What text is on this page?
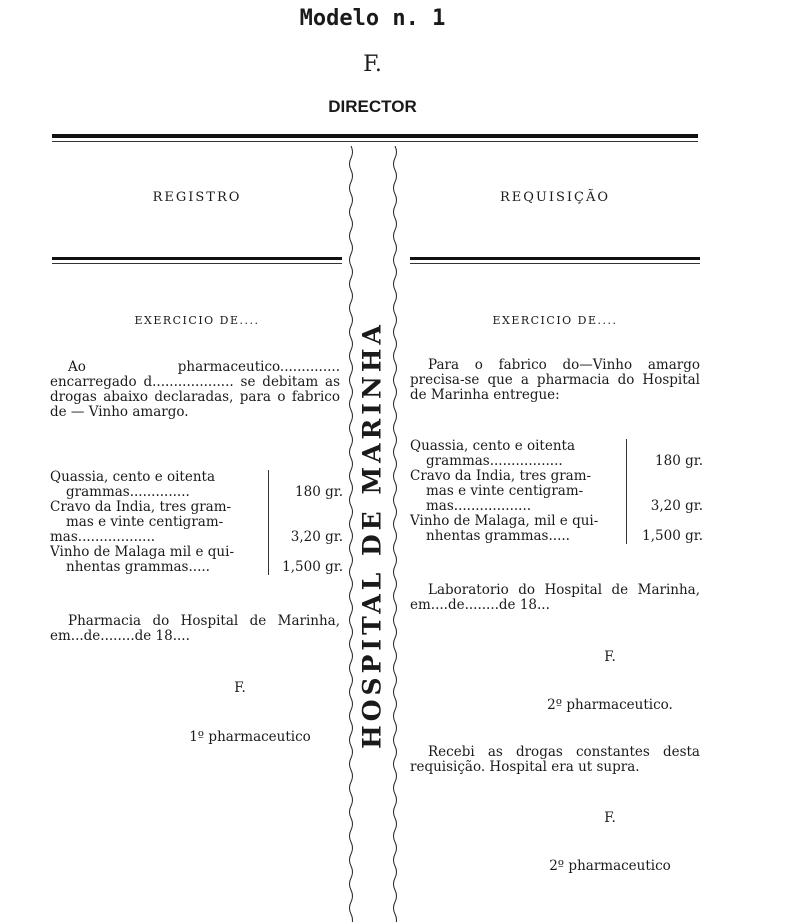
Modelo n. 1
F.
DIRECTOR
HOSPITAL DE MARINHA
REGISTRO
EXERCICIO DE....
Ao pharmaceutico.............. encarregado d................... se debitam as drogas abaixo declaradas, para o fabrico de — Vinho amargo.
Quassia, cento e oitenta
grammas..............	180 gr.
Cravo da India, tres gram-
mas e vinte centigram-
mas..................	3,20 gr.
Vinho de Malaga mil e qui-
nhentas grammas.....	1,500 gr.
Pharmacia do Hospital de Marinha, em...de........de 18....
F.
1º pharmaceutico
REQUISIÇÃO
EXERCICIO DE....
Para o fabrico do—Vinho amargo precisa-se que a pharmacia do Hospital de Marinha entregue:
Quassia, cento e oitenta
grammas.................	180 gr.
Cravo da India, tres gram-
mas e vinte centigram-
mas..................	3,20 gr.
Vinho de Malaga, mil e qui-
nhentas grammas.....	1,500 gr.
Laboratorio do Hospital de Marinha, em....de........de 18...
F.
2º pharmaceutico.
Recebi as drogas constantes desta requisição. Hospital era ut supra.
F.
2º pharmaceutico
